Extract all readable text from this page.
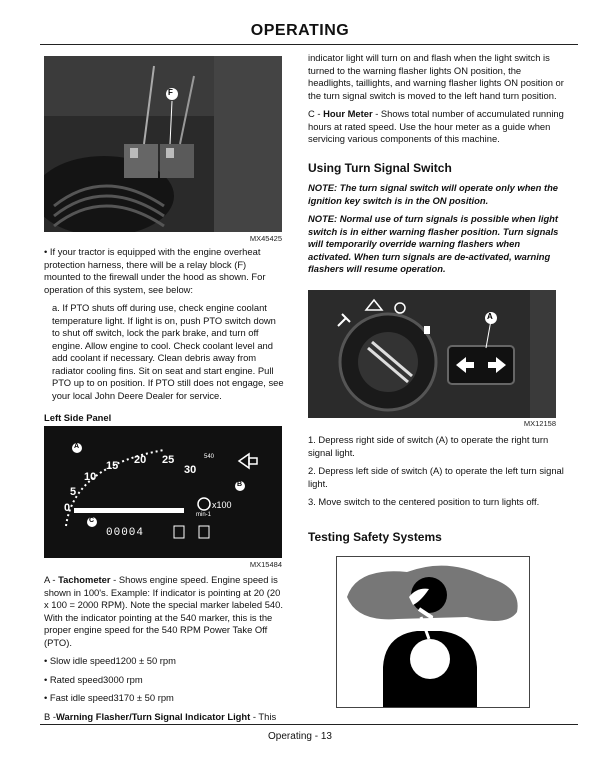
OPERATING
F
MX45425

• If your tractor is equipped with the engine overheat protection harness, there will be a relay block (F) mounted to the firewall under the hood as shown. For operation of this system, see below:

a. If PTO shuts off during use, check engine coolant temperature light. If light is on, push PTO switch down to shut off switch, lock the park brake, and turn off engine. Allow engine to cool. Check coolant level and add coolant if necessary. Clean debris away from radiator cooling fins. Sit on seat and start engine. Pull PTO up to on position. If PTO still does not engage, see your local John Deere Dealer for service.

Left Side Panel

5
10
15 20 25
30
0
540
x100
min-1
00004
A
B
C
MX15484

A - Tachometer - Shows engine speed. Engine speed is shown in 100's. Example: If indicator is pointing at 20 (20 x 100 = 2000 RPM). Note the special marker labeled 540. With the indicator pointing at the 540 marker, this is the proper engine speed for the 540 RPM Power Take Off (PTO).

• Slow idle speed1200 ± 50 rpm

• Rated speed3000 rpm

• Fast idle speed3170 ± 50 rpm

B -Warning Flasher/Turn Signal Indicator Light - This

indicator light will turn on and flash when the light switch is turned to the warning flasher lights ON position, the headlights, taillights, and warning flasher lights ON position or the turn signal switch is moved to the left hand turn position.

C - Hour Meter - Shows total number of accumulated running hours at rated speed. Use the hour meter as a guide when servicing various components of this machine.

Using Turn Signal Switch

NOTE: The turn signal switch will operate only when the ignition key switch is in the ON position.

NOTE: Normal use of turn signals is possible when light switch is in either warning flasher position. Turn signals will temporarily override warning flashers when activated. When turn signals are de-activated, warning flashers will resume operation.

A
MX12158

1. Depress right side of switch (A) to operate the right turn signal light.

2. Depress left side of switch (A) to operate the left turn signal light.

3. Move switch to the centered position to turn lights off.

Testing Safety Systems

Operating - 13
